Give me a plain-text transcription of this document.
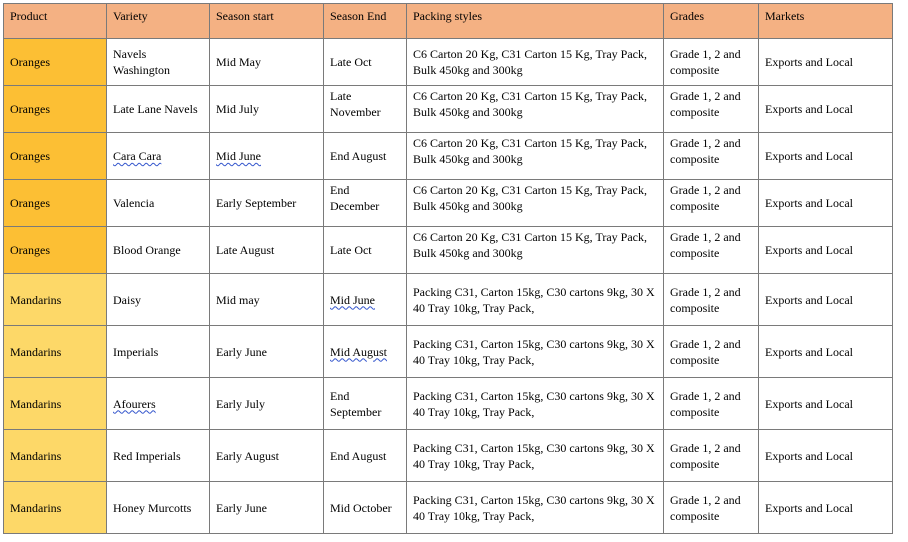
Product	Variety	Season start	Season End	Packing styles	Grades	Markets
Oranges	Navels Washington	Mid May	Late Oct	C6 Carton 20 Kg, C31 Carton 15 Kg, Tray Pack, Bulk 450kg and 300kg	Grade 1, 2 and composite	Exports and Local
Oranges	Late Lane Navels	Mid July	Late November	C6 Carton 20 Kg, C31 Carton 15 Kg, Tray Pack, Bulk 450kg and 300kg	Grade 1, 2 and composite	Exports and Local
Oranges	Cara Cara	Mid June	End August	C6 Carton 20 Kg, C31 Carton 15 Kg, Tray Pack, Bulk 450kg and 300kg	Grade 1, 2 and composite	Exports and Local
Oranges	Valencia	Early September	End December	C6 Carton 20 Kg, C31 Carton 15 Kg, Tray Pack, Bulk 450kg and 300kg	Grade 1, 2 and composite	Exports and Local
Oranges	Blood Orange	Late August	Late Oct	C6 Carton 20 Kg, C31 Carton 15 Kg, Tray Pack, Bulk 450kg and 300kg	Grade 1, 2 and composite	Exports and Local
Mandarins	Daisy	Mid may	Mid June	Packing C31, Carton 15kg, C30 cartons 9kg, 30 X 40 Tray 10kg, Tray Pack,	Grade 1, 2 and composite	Exports and Local
Mandarins	Imperials	Early June	Mid August	Packing C31, Carton 15kg, C30 cartons 9kg, 30 X 40 Tray 10kg, Tray Pack,	Grade 1, 2 and composite	Exports and Local
Mandarins	Afourers	Early July	End September	Packing C31, Carton 15kg, C30 cartons 9kg, 30 X 40 Tray 10kg, Tray Pack,	Grade 1, 2 and composite	Exports and Local
Mandarins	Red Imperials	Early August	End August	Packing C31, Carton 15kg, C30 cartons 9kg, 30 X 40 Tray 10kg, Tray Pack,	Grade 1, 2 and composite	Exports and Local
Mandarins	Honey Murcotts	Early June	Mid October	Packing C31, Carton 15kg, C30 cartons 9kg, 30 X 40 Tray 10kg, Tray Pack,	Grade 1, 2 and composite	Exports and Local
